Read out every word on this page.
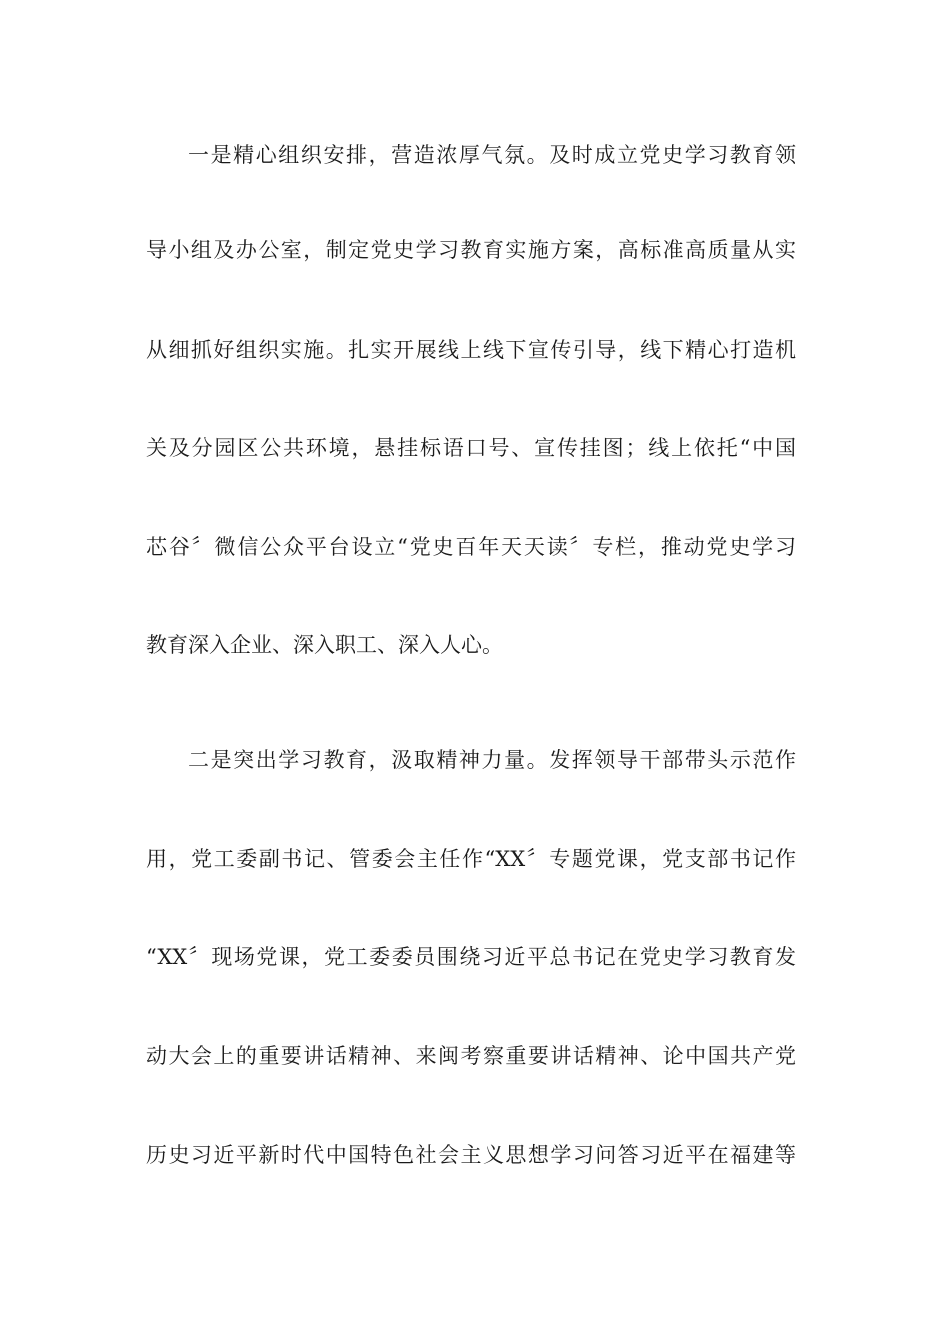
一是精心组织安排，营造浓厚气氛。及时成立党史学习教育领
导小组及办公室，制定党史学习教育实施方案，高标准高质量从实
从细抓好组织实施。扎实开展线上线下宣传引导，线下精心打造机
关及分园区公共环境，悬挂标语口号、宣传挂图；线上依托“中国
芯谷〞微信公众平台设立“党史百年天天读〞专栏，推动党史学习
教育深入企业、深入职工、深入人心。
二是突出学习教育，汲取精神力量。发挥领导干部带头示范作
用，党工委副书记、管委会主任作“XX〞专题党课，党支部书记作
“XX〞现场党课，党工委委员围绕习近平总书记在党史学习教育发
动大会上的重要讲话精神、来闽考察重要讲话精神、论中国共产党
历史习近平新时代中国特色社会主义思想学习问答习近平在福建等
